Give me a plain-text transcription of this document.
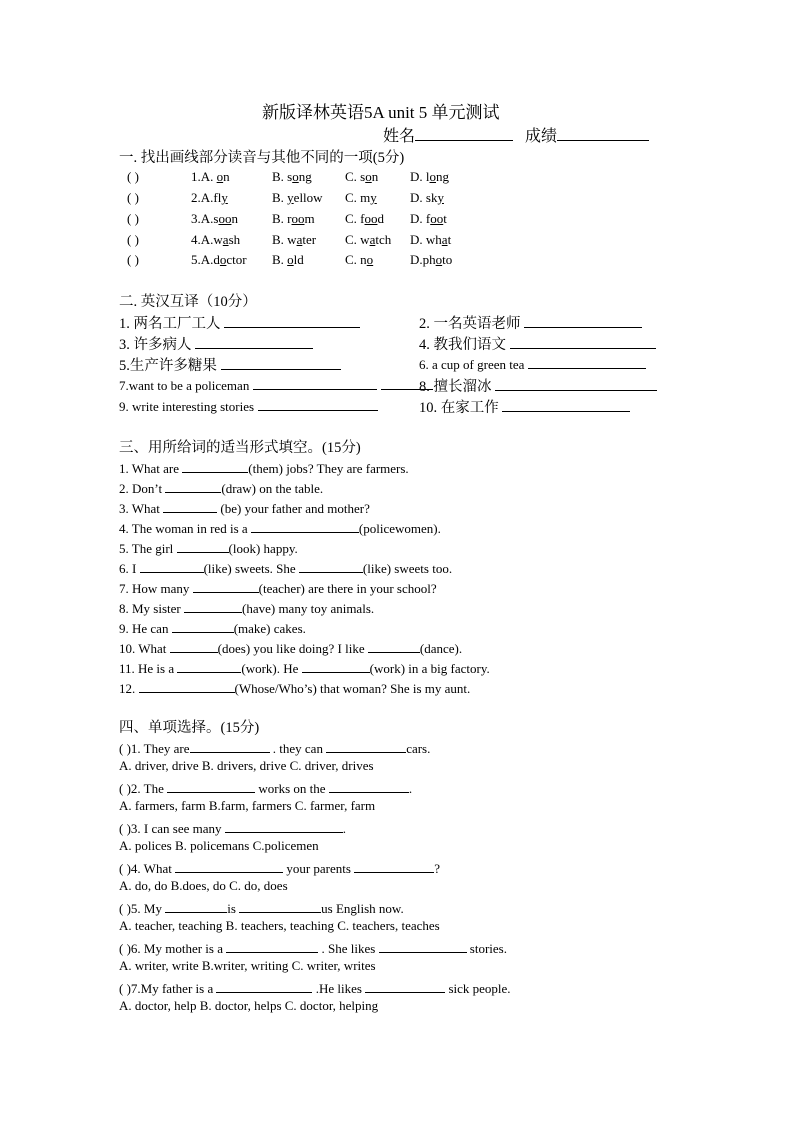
新版译林英语5A unit 5 单元测试
姓名	成绩
一. 找出画线部分读音与其他不同的一项(5分)
( )	1.A. on	B. song	C. son D. long
( )	2.A.fly	B. yellow C. my	D. sky
( )	3.A.soon	B. room C. food D. foot
( )	4.A.wash B. water C. watch D. what
( )	5.A.doctor B. old	C. no	D.photo
二. 英汉互译（10分）
1. 两名工厂工人
3. 许多病人
5.生产许多糖果
7.want to be a policeman
9. write interesting stories
2. 一名英语老师
4. 教我们语文
6. a cup of green tea
8. 擅长溜冰
10. 在家工作
三、用所给词的适当形式填空。(15分)
1. What are	(them) jobs? They are farmers.
2. Don’t	(draw) on the table.
3. What	(be) your father and mother?
4. The woman in red is a	(policewomen).
5. The girl	(look) happy.
6. I	(like) sweets. She	(like) sweets too.
7. How many	(teacher) are there in your school?
8. My sister	(have) many toy animals.
9. He can	(make) cakes.
10. What	(does) you like doing? I like	(dance).
11. He is a	(work). He	(work) in a big factory.
12.	(Whose/Who’s) that woman? She is my aunt.
四、单项选择。(15分)
( )1. They are	. they can	cars.
A. driver, drive B. drivers, drive C. driver, drives
( )2. The	works on the	.
A. farmers, farm B.farm, farmers C. farmer, farm
( )3. I can see many	.
A. polices B. policemans C.policemen
( )4. What	your parents	?
A. do, do B.does, do C. do, does
( )5. My	is	us English now.
A. teacher, teaching B. teachers, teaching C. teachers, teaches
( )6. My mother is a	. She likes	stories.
A. writer, write B.writer, writing C. writer, writes
( )7.My father is a	.He likes	sick people.
A. doctor, help B. doctor, helps C. doctor, helping
